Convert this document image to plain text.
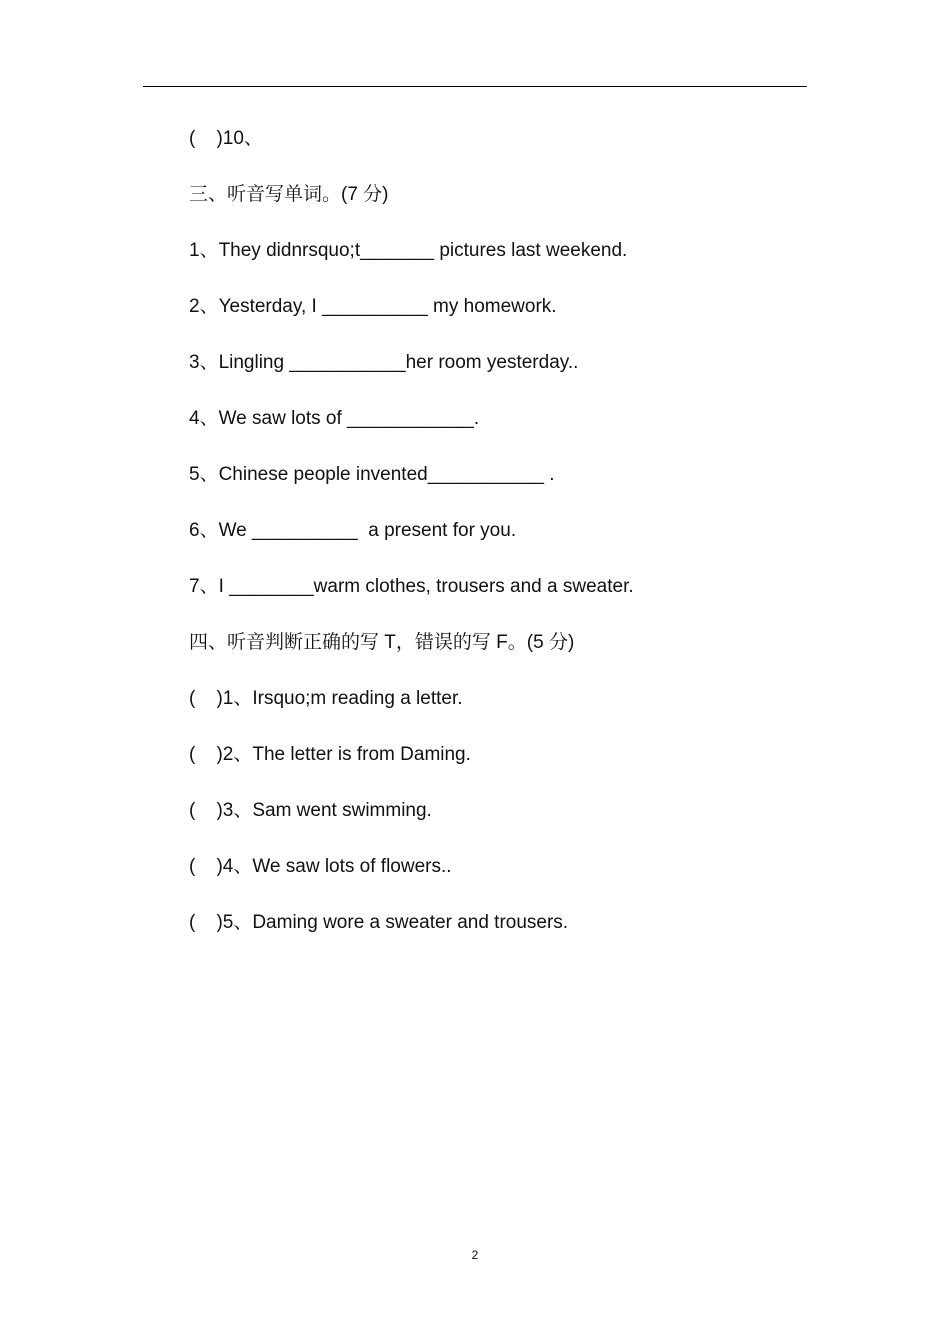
(    )10、
三、听音写单词。(7 分)
1、They didnrsquo;t_______ pictures last weekend.
2、Yesterday, I __________ my homework.
3、Lingling ___________her room yesterday..
4、We saw lots of ____________.
5、Chinese people invented___________ .
6、We __________  a present for you.
7、I ________warm clothes, trousers and a sweater.
四、听音判断正确的写 T，错误的写 F。(5 分)
(    )1、Irsquo;m reading a letter.
(    )2、The letter is from Daming.
(    )3、Sam went swimming.
(    )4、We saw lots of flowers..
(    )5、Daming wore a sweater and trousers.
2
